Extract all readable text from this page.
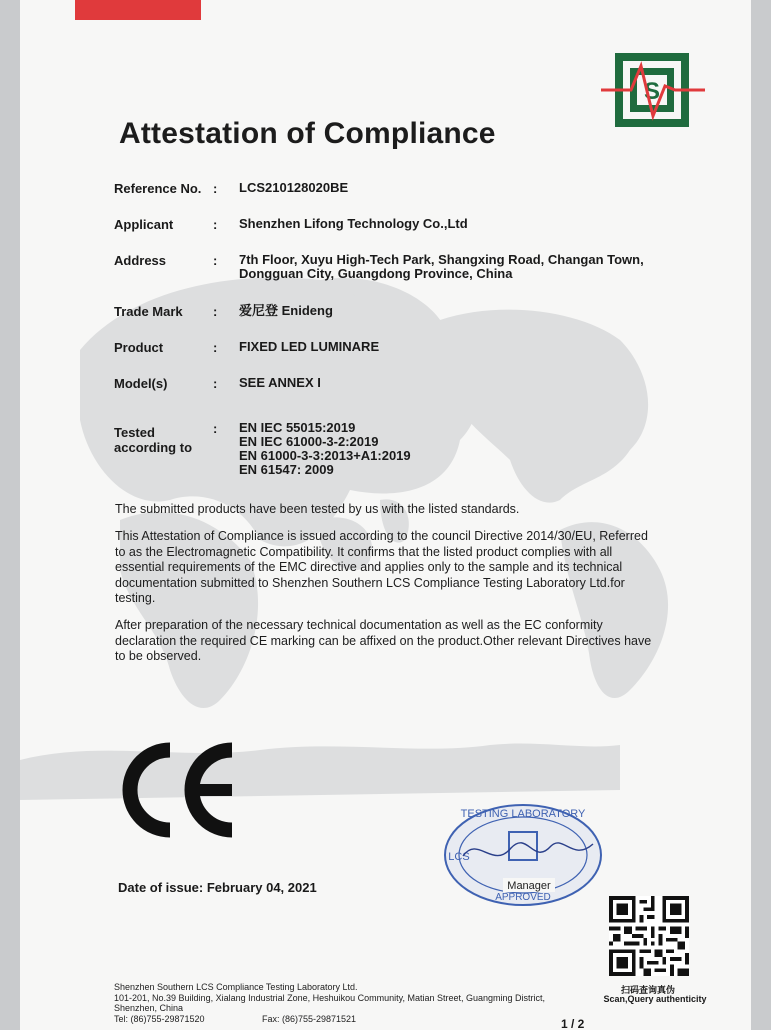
S
Attestation of Compliance
Reference No. : LCS210128020BE
Applicant	: Shenzhen Lifong Technology Co.,Ltd
Address	: 7th Floor, Xuyu High-Tech Park, Shangxing Road, Changan Town,
Dongguan City, Guangdong Province, China
Trade Mark	: 爱尼登 Enideng
Product	: FIXED LED LUMINARE
Model(s)	: SEE ANNEX I
Tested
according to
: EN IEC 55015:2019
EN IEC 61000-3-2:2019
EN 61000-3-3:2013+A1:2019
EN 61547: 2009

The submitted products have been tested by us with the listed standards.

This Attestation of Compliance is issued according to the council Directive 2014/30/EU, Referred to as the Electromagnetic Compatibility. It confirms that the listed product complies with all essential requirements of the EMC directive and applies only to the sample and its technical documentation submitted to Shenzhen Southern LCS Compliance Testing Laboratory Ltd.for testing.

After preparation of the necessary technical documentation as well as the EC conformity declaration the required CE marking can be affixed on the product.Other relevant Directives have to be observed.

TESTING LABORATORY
LCS
APPROVED
Manager
Date of issue: February 04, 2021
扫码查询真伪
Scan,Query authenticity
Shenzhen Southern LCS Compliance Testing Laboratory Ltd.
101-201, No.39 Building, Xialang Industrial Zone, Heshuikou Community, Matian Street, Guangming District,
Shenzhen, China
Tel: (86)755-29871520	Fax: (86)755-29871521	1 / 2
